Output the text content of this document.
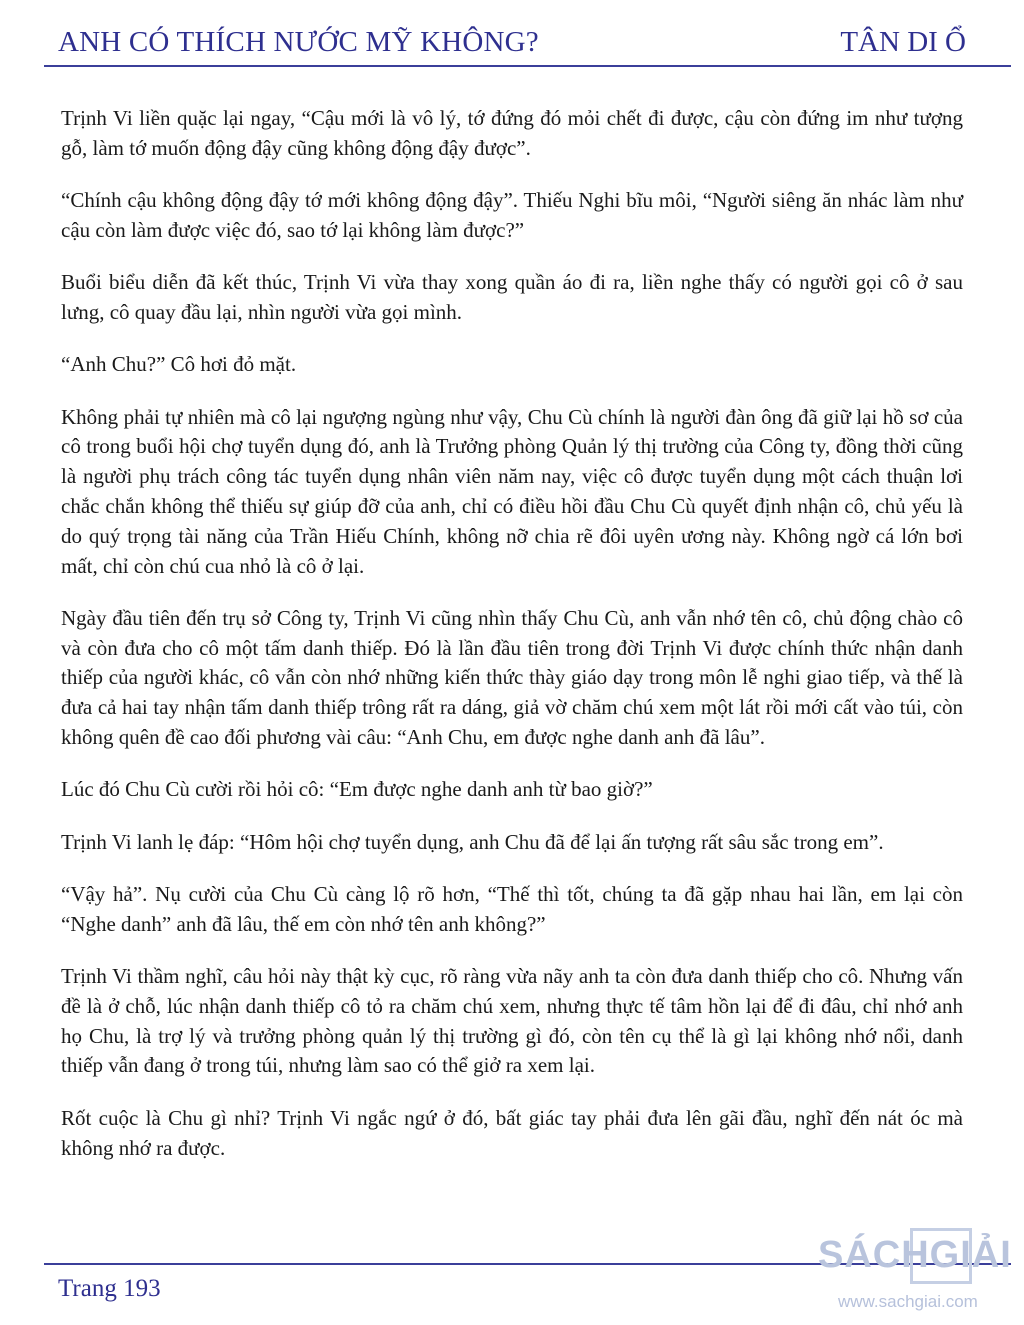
ANH CÓ THÍCH NƯỚC MỸ KHÔNG?	TÂN DI Ổ

Trịnh Vi liền quặc lại ngay, “Cậu mới là vô lý, tớ đứng đó mỏi chết đi được, cậu còn đứng im như tượng gỗ, làm tớ muốn động đậy cũng không động đậy được”.

“Chính cậu không động đậy tớ mới không động đậy”. Thiếu Nghi bĩu môi, “Người siêng ăn nhác làm như cậu còn làm được việc đó, sao tớ lại không làm được?”

Buổi biểu diễn đã kết thúc, Trịnh Vi vừa thay xong quần áo đi ra, liền nghe thấy có người gọi cô ở sau lưng, cô quay đầu lại, nhìn người vừa gọi mình.

“Anh Chu?” Cô hơi đỏ mặt.

Không phải tự nhiên mà cô lại ngượng ngùng như vậy, Chu Cù chính là người đàn ông đã giữ lại hồ sơ của cô trong buổi hội chợ tuyển dụng đó, anh là Trưởng phòng Quản lý thị trường của Công ty, đồng thời cũng là người phụ trách công tác tuyển dụng nhân viên năm nay, việc cô được tuyển dụng một cách thuận lơi chắc chắn không thể thiếu sự giúp đỡ của anh, chỉ có điều hồi đầu Chu Cù quyết định nhận cô, chủ yếu là do quý trọng tài năng của Trần Hiếu Chính, không nỡ chia rẽ đôi uyên ương này. Không ngờ cá lớn bơi mất, chỉ còn chú cua nhỏ là cô ở lại.

Ngày đầu tiên đến trụ sở Công ty, Trịnh Vi cũng nhìn thấy Chu Cù, anh vẫn nhớ tên cô, chủ động chào cô và còn đưa cho cô một tấm danh thiếp. Đó là lần đầu tiên trong đời Trịnh Vi được chính thức nhận danh thiếp của người khác, cô vẫn còn nhớ những kiến thức thày giáo dạy trong môn lễ nghi giao tiếp, và thế là đưa cả hai tay nhận tấm danh thiếp trông rất ra dáng, giả vờ chăm chú xem một lát rồi mới cất vào túi, còn không quên đề cao đối phương vài câu: “Anh Chu, em được nghe danh anh đã lâu”.

Lúc đó Chu Cù cười rồi hỏi cô: “Em được nghe danh anh từ bao giờ?”

Trịnh Vi lanh lẹ đáp: “Hôm hội chợ tuyển dụng, anh Chu đã để lại ấn tượng rất sâu sắc trong em”.

“Vậy hả”. Nụ cười của Chu Cù càng lộ rõ hơn, “Thế thì tốt, chúng ta đã gặp nhau hai lần, em lại còn “Nghe danh” anh đã lâu, thế em còn nhớ tên anh không?”

Trịnh Vi thầm nghĩ, câu hỏi này thật kỳ cục, rõ ràng vừa nãy anh ta còn đưa danh thiếp cho cô. Nhưng vấn đề là ở chỗ, lúc nhận danh thiếp cô tỏ ra chăm chú xem, nhưng thực tế tâm hồn lại để đi đâu, chỉ nhớ anh họ Chu, là trợ lý và trưởng phòng quản lý thị trường gì đó, còn tên cụ thể là gì lại không nhớ nổi, danh thiếp vẫn đang ở trong túi, nhưng làm sao có thể giở ra xem lại.

Rốt cuộc là Chu gì nhỉ? Trịnh Vi ngắc ngứ ở đó, bất giác tay phải đưa lên gãi đầu, nghĩ đến nát óc mà không nhớ ra được.

Trang 193
SÁCHGIẢI
www.sachgiai.com
